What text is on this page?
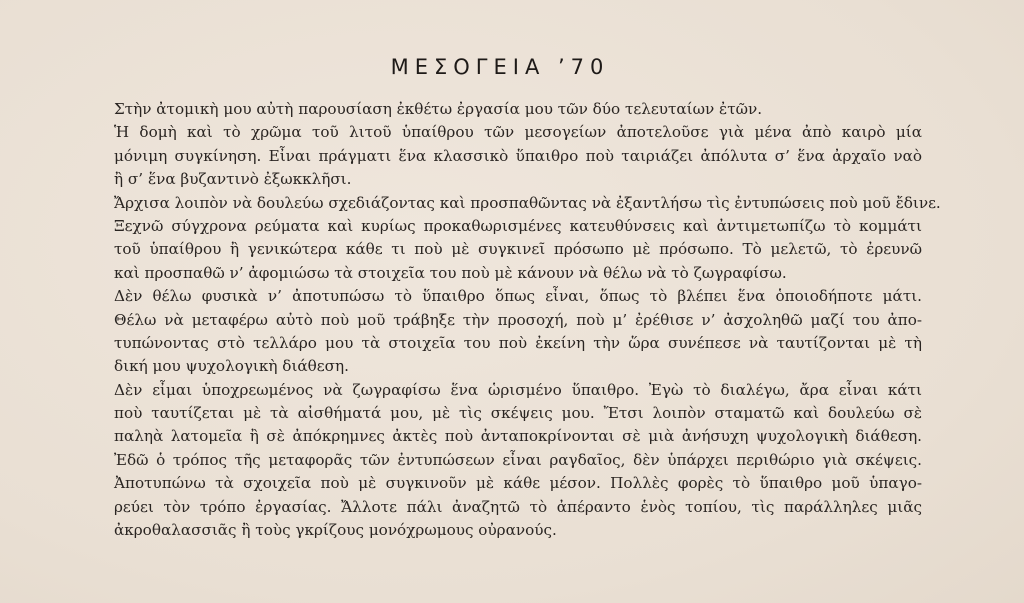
ΜΕΣΟΓΕΙΑ ’70
Στὴν ἀτομικὴ μου αὐτὴ παρουσίαση ἐκθέτω ἐργασία μου τῶν δύο τελευταίων ἐτῶν.
Ἡ δομὴ καὶ τὸ χρῶμα τοῦ λιτοῦ ὑπαίθρου τῶν μεσογείων ἀποτελοῦσε γιὰ μένα ἀπὸ καιρὸ μία
μόνιμη συγκίνηση. Εἶναι πράγματι ἕνα κλασσικὸ ὕπαιθρο ποὺ ταιριάζει ἀπόλυτα σ’ ἕνα ἀρχαῖο ναὸ
ἢ σ’ ἕνα βυζαντινὸ ἐξωκκλῆσι.
Ἄρχισα λοιπὸν νὰ δουλεύω σχεδιάζοντας καὶ προσπαθῶντας νὰ ἐξαντλήσω τὶς ἐντυπώσεις ποὺ μοῦ ἔδινε.
Ξεχνῶ σύγχρονα ρεύματα καὶ κυρίως προκαθωρισμένες κατευθύνσεις καὶ ἀντιμετωπίζω τὸ κομμάτι
τοῦ ὑπαίθρου ἢ γενικώτερα κάθε τι ποὺ μὲ συγκινεῖ πρόσωπο μὲ πρόσωπο. Τὸ μελετῶ, τὸ ἐρευνῶ
καὶ προσπαθῶ ν’ ἀφομιώσω τὰ στοιχεῖα του ποὺ μὲ κάνουν νὰ θέλω νὰ τὸ ζωγραφίσω.
Δὲν θέλω φυσικὰ ν’ ἀποτυπώσω τὸ ὕπαιθρο ὅπως εἶναι, ὅπως τὸ βλέπει ἕνα ὁποιοδήποτε μάτι.
Θέλω νὰ μεταφέρω αὐτὸ ποὺ μοῦ τράβηξε τὴν προσοχή, ποὺ μ’ ἐρέθισε ν’ ἀσχοληθῶ μαζί του ἀπο-
τυπώνοντας στὸ τελλάρο μου τὰ στοιχεῖα του ποὺ ἐκείνη τὴν ὥρα συνέπεσε νὰ ταυτίζονται μὲ τὴ
δική μου ψυχολογικὴ διάθεση.
Δὲν εἶμαι ὑποχρεωμένος νὰ ζωγραφίσω ἕνα ὡρισμένο ὕπαιθρο. Ἐγὼ τὸ διαλέγω, ἄρα εἶναι κάτι
ποὺ ταυτίζεται μὲ τὰ αἰσθήματά μου, μὲ τὶς σκέψεις μου. Ἔτσι λοιπὸν σταματῶ καὶ δουλεύω σὲ
παληὰ λατομεῖα ἢ σὲ ἀπόκρημνες ἀκτὲς ποὺ ἀνταποκρίνονται σὲ μιὰ ἀνήσυχη ψυχολογικὴ διάθεση.
Ἐδῶ ὁ τρόπος τῆς μεταφορᾶς τῶν ἐντυπώσεων εἶναι ραγδαῖος, δὲν ὑπάρχει περιθώριο γιὰ σκέψεις.
Ἀποτυπώνω τὰ σχοιχεῖα ποὺ μὲ συγκινοῦν μὲ κάθε μέσον. Πολλὲς φορὲς τὸ ὕπαιθρο μοῦ ὑπαγο-
ρεύει τὸν τρόπο ἐργασίας. Ἄλλοτε πάλι ἀναζητῶ τὸ ἀπέραντο ἑνὸς τοπίου, τὶς παράλληλες μιᾶς
ἀκροθαλασσιᾶς ἢ τοὺς γκρίζους μονόχρωμους οὐρανούς.
